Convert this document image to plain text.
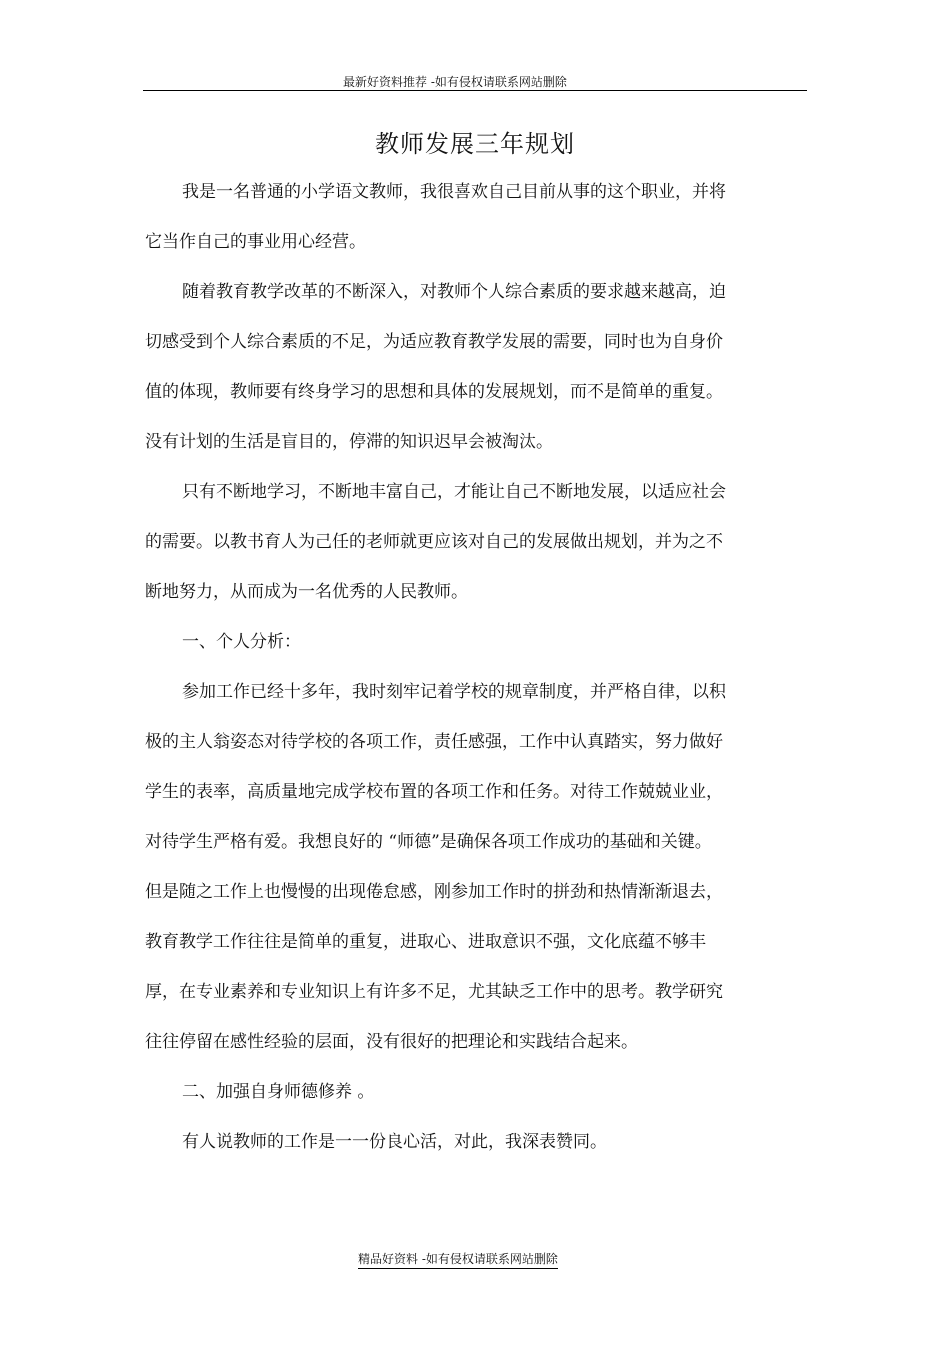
最新好资料推荐 -如有侵权请联系网站删除
教师发展三年规划
我是一名普通的小学语文教师，我很喜欢自己目前从事的这个职业，并将
它当作自己的事业用心经营。
随着教育教学改革的不断深入，对教师个人综合素质的要求越来越高，迫
切感受到个人综合素质的不足，为适应教育教学发展的需要，同时也为自身价
值的体现，教师要有终身学习的思想和具体的发展规划，而不是简单的重复。
没有计划的生活是盲目的，停滞的知识迟早会被淘汰。
只有不断地学习，不断地丰富自己，才能让自己不断地发展，以适应社会
的需要。以教书育人为己任的老师就更应该对自己的发展做出规划，并为之不
断地努力，从而成为一名优秀的人民教师。
一、个人分析：
参加工作已经十多年，我时刻牢记着学校的规章制度，并严格自律，以积
极的主人翁姿态对待学校的各项工作，责任感强，工作中认真踏实，努力做好
学生的表率，高质量地完成学校布置的各项工作和任务。对待工作兢兢业业，
对待学生严格有爱。我想良好的 “师德”是确保各项工作成功的基础和关键。
但是随之工作上也慢慢的出现倦怠感，刚参加工作时的拼劲和热情渐渐退去，
教育教学工作往往是简单的重复，进取心、进取意识不强，文化底蕴不够丰
厚，在专业素养和专业知识上有许多不足，尤其缺乏工作中的思考。教学研究
往往停留在感性经验的层面，没有很好的把理论和实践结合起来。
二、加强自身师德修养 。
有人说教师的工作是一一份良心活，对此，我深表赞同。
精品好资料 -如有侵权请联系网站删除
